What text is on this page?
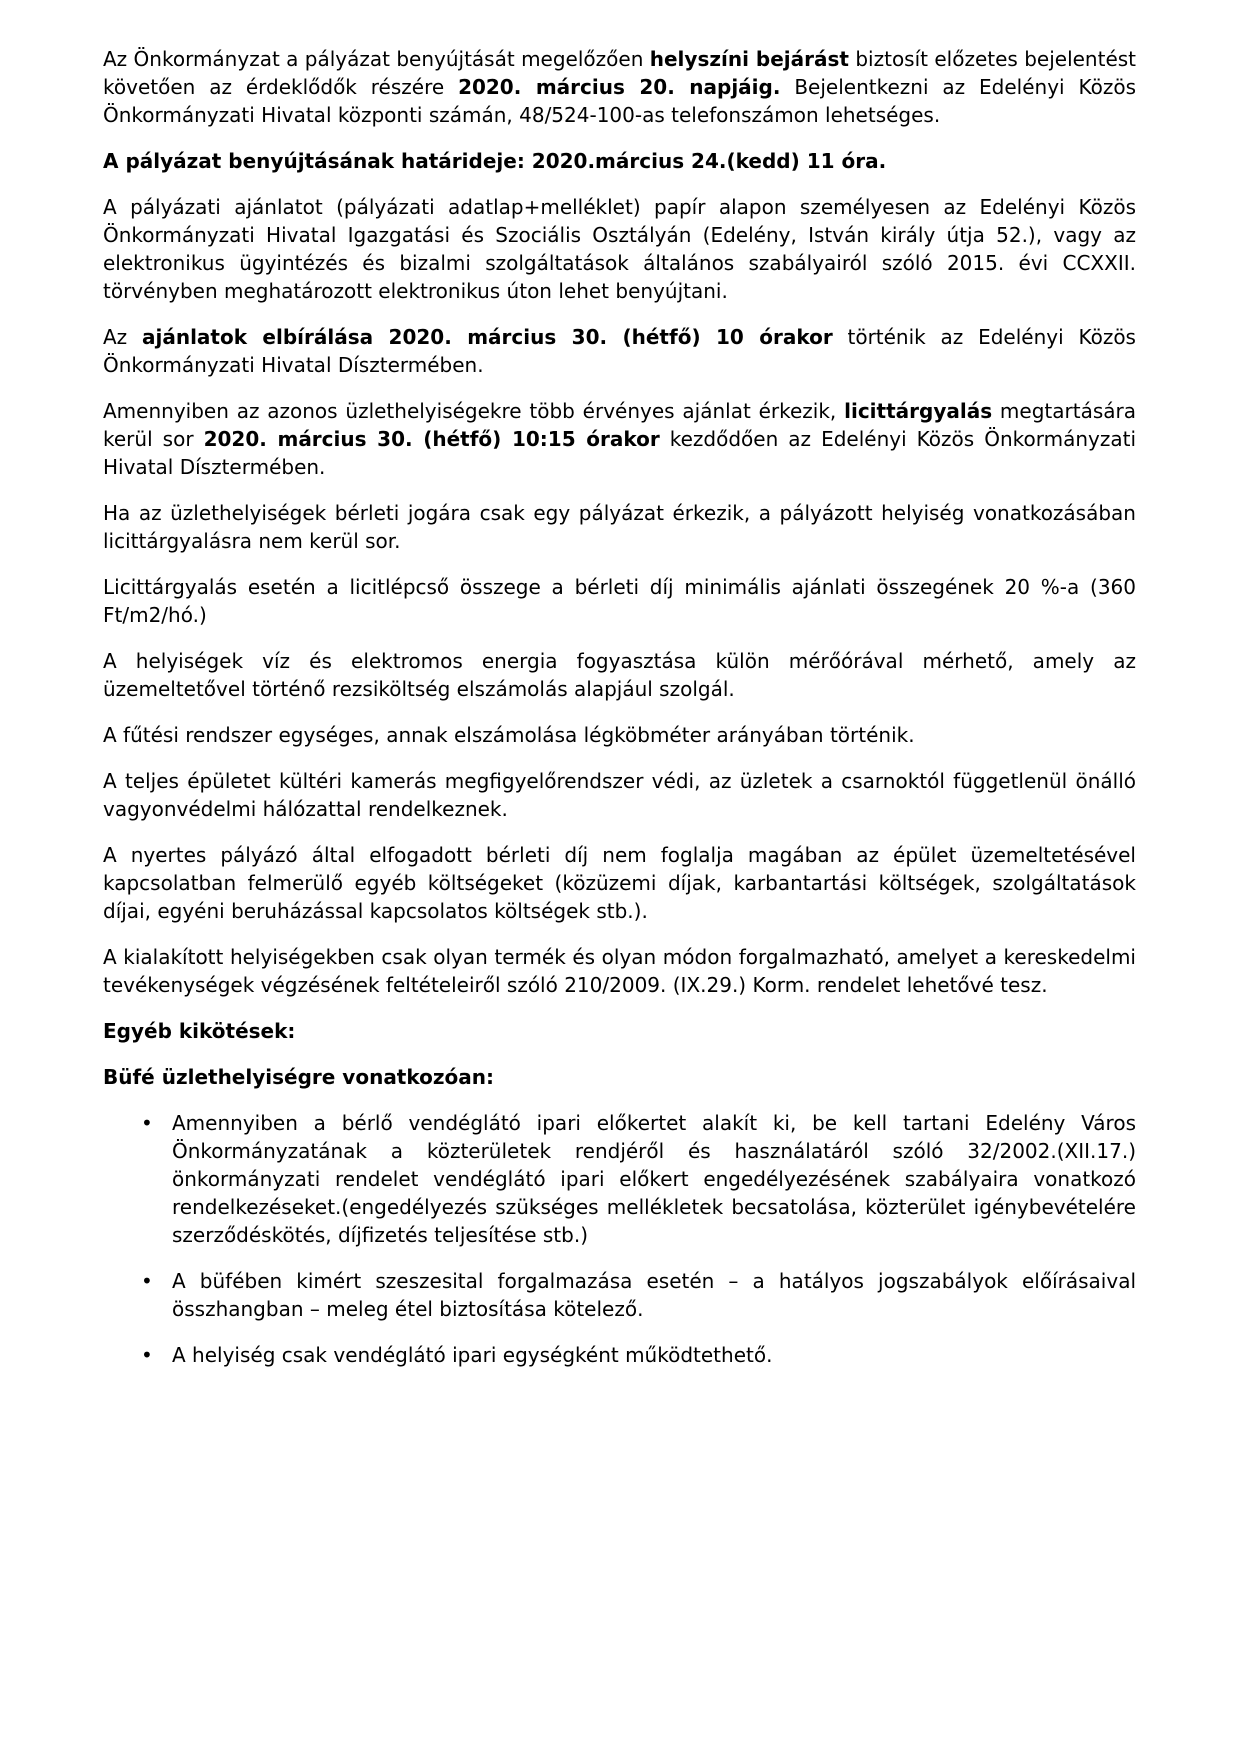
Az Önkormányzat a pályázat benyújtását megelőzően helyszíni bejárást biztosít előzetes bejelentést követően az érdeklődők részére 2020. március 20. napjáig. Bejelentkezni az Edelényi Közös Önkormányzati Hivatal központi számán, 48/524-100-as telefonszámon lehetséges.
A pályázat benyújtásának határideje: 2020.március 24.(kedd) 11 óra.
A pályázati ajánlatot (pályázati adatlap+melléklet) papír alapon személyesen az Edelényi Közös Önkormányzati Hivatal Igazgatási és Szociális Osztályán (Edelény, István király útja 52.), vagy az elektronikus ügyintézés és bizalmi szolgáltatások általános szabályairól szóló 2015. évi CCXXII. törvényben meghatározott elektronikus úton lehet benyújtani.
Az ajánlatok elbírálása 2020. március 30. (hétfő) 10 órakor történik az Edelényi Közös Önkormányzati Hivatal Dísztermében.
Amennyiben az azonos üzlethelyiségekre több érvényes ajánlat érkezik, licittárgyalás megtartására kerül sor 2020. március 30. (hétfő) 10:15 órakor kezdődően az Edelényi Közös Önkormányzati Hivatal Dísztermében.
Ha az üzlethelyiségek bérleti jogára csak egy pályázat érkezik, a pályázott helyiség vonatkozásában licittárgyalásra nem kerül sor.
Licittárgyalás esetén a licitlépcső összege a bérleti díj minimális ajánlati összegének 20 %-a (360 Ft/m2/hó.)
A helyiségek víz és elektromos energia fogyasztása külön mérőórával mérhető, amely az üzemeltetővel történő rezsiköltség elszámolás alapjául szolgál.
A fűtési rendszer egységes, annak elszámolása légköbméter arányában történik.
A teljes épületet kültéri kamerás megfigyelőrendszer védi, az üzletek a csarnoktól függetlenül önálló vagyonvédelmi hálózattal rendelkeznek.
A nyertes pályázó által elfogadott bérleti díj nem foglalja magában az épület üzemeltetésével kapcsolatban felmerülő egyéb költségeket (közüzemi díjak, karbantartási költségek, szolgáltatások díjai, egyéni beruházással kapcsolatos költségek stb.).
A kialakított helyiségekben csak olyan termék és olyan módon forgalmazható, amelyet a kereskedelmi tevékenységek végzésének feltételeiről szóló 210/2009. (IX.29.) Korm. rendelet lehetővé tesz.
Egyéb kikötések:
Büfé üzlethelyiségre vonatkozóan:
• Amennyiben a bérlő vendéglátó ipari előkertet alakít ki, be kell tartani Edelény Város Önkormányzatának a közterületek rendjéről és használatáról szóló 32/2002.(XII.17.) önkormányzati rendelet vendéglátó ipari előkert engedélyezésének szabályaira vonatkozó rendelkezéseket.(engedélyezés szükséges mellékletek becsatolása, közterület igénybevételére szerződéskötés, díjfizetés teljesítése stb.)
• A büfében kimért szeszesital forgalmazása esetén – a hatályos jogszabályok előírásaival összhangban – meleg étel biztosítása kötelező.
• A helyiség csak vendéglátó ipari egységként működtethető.
